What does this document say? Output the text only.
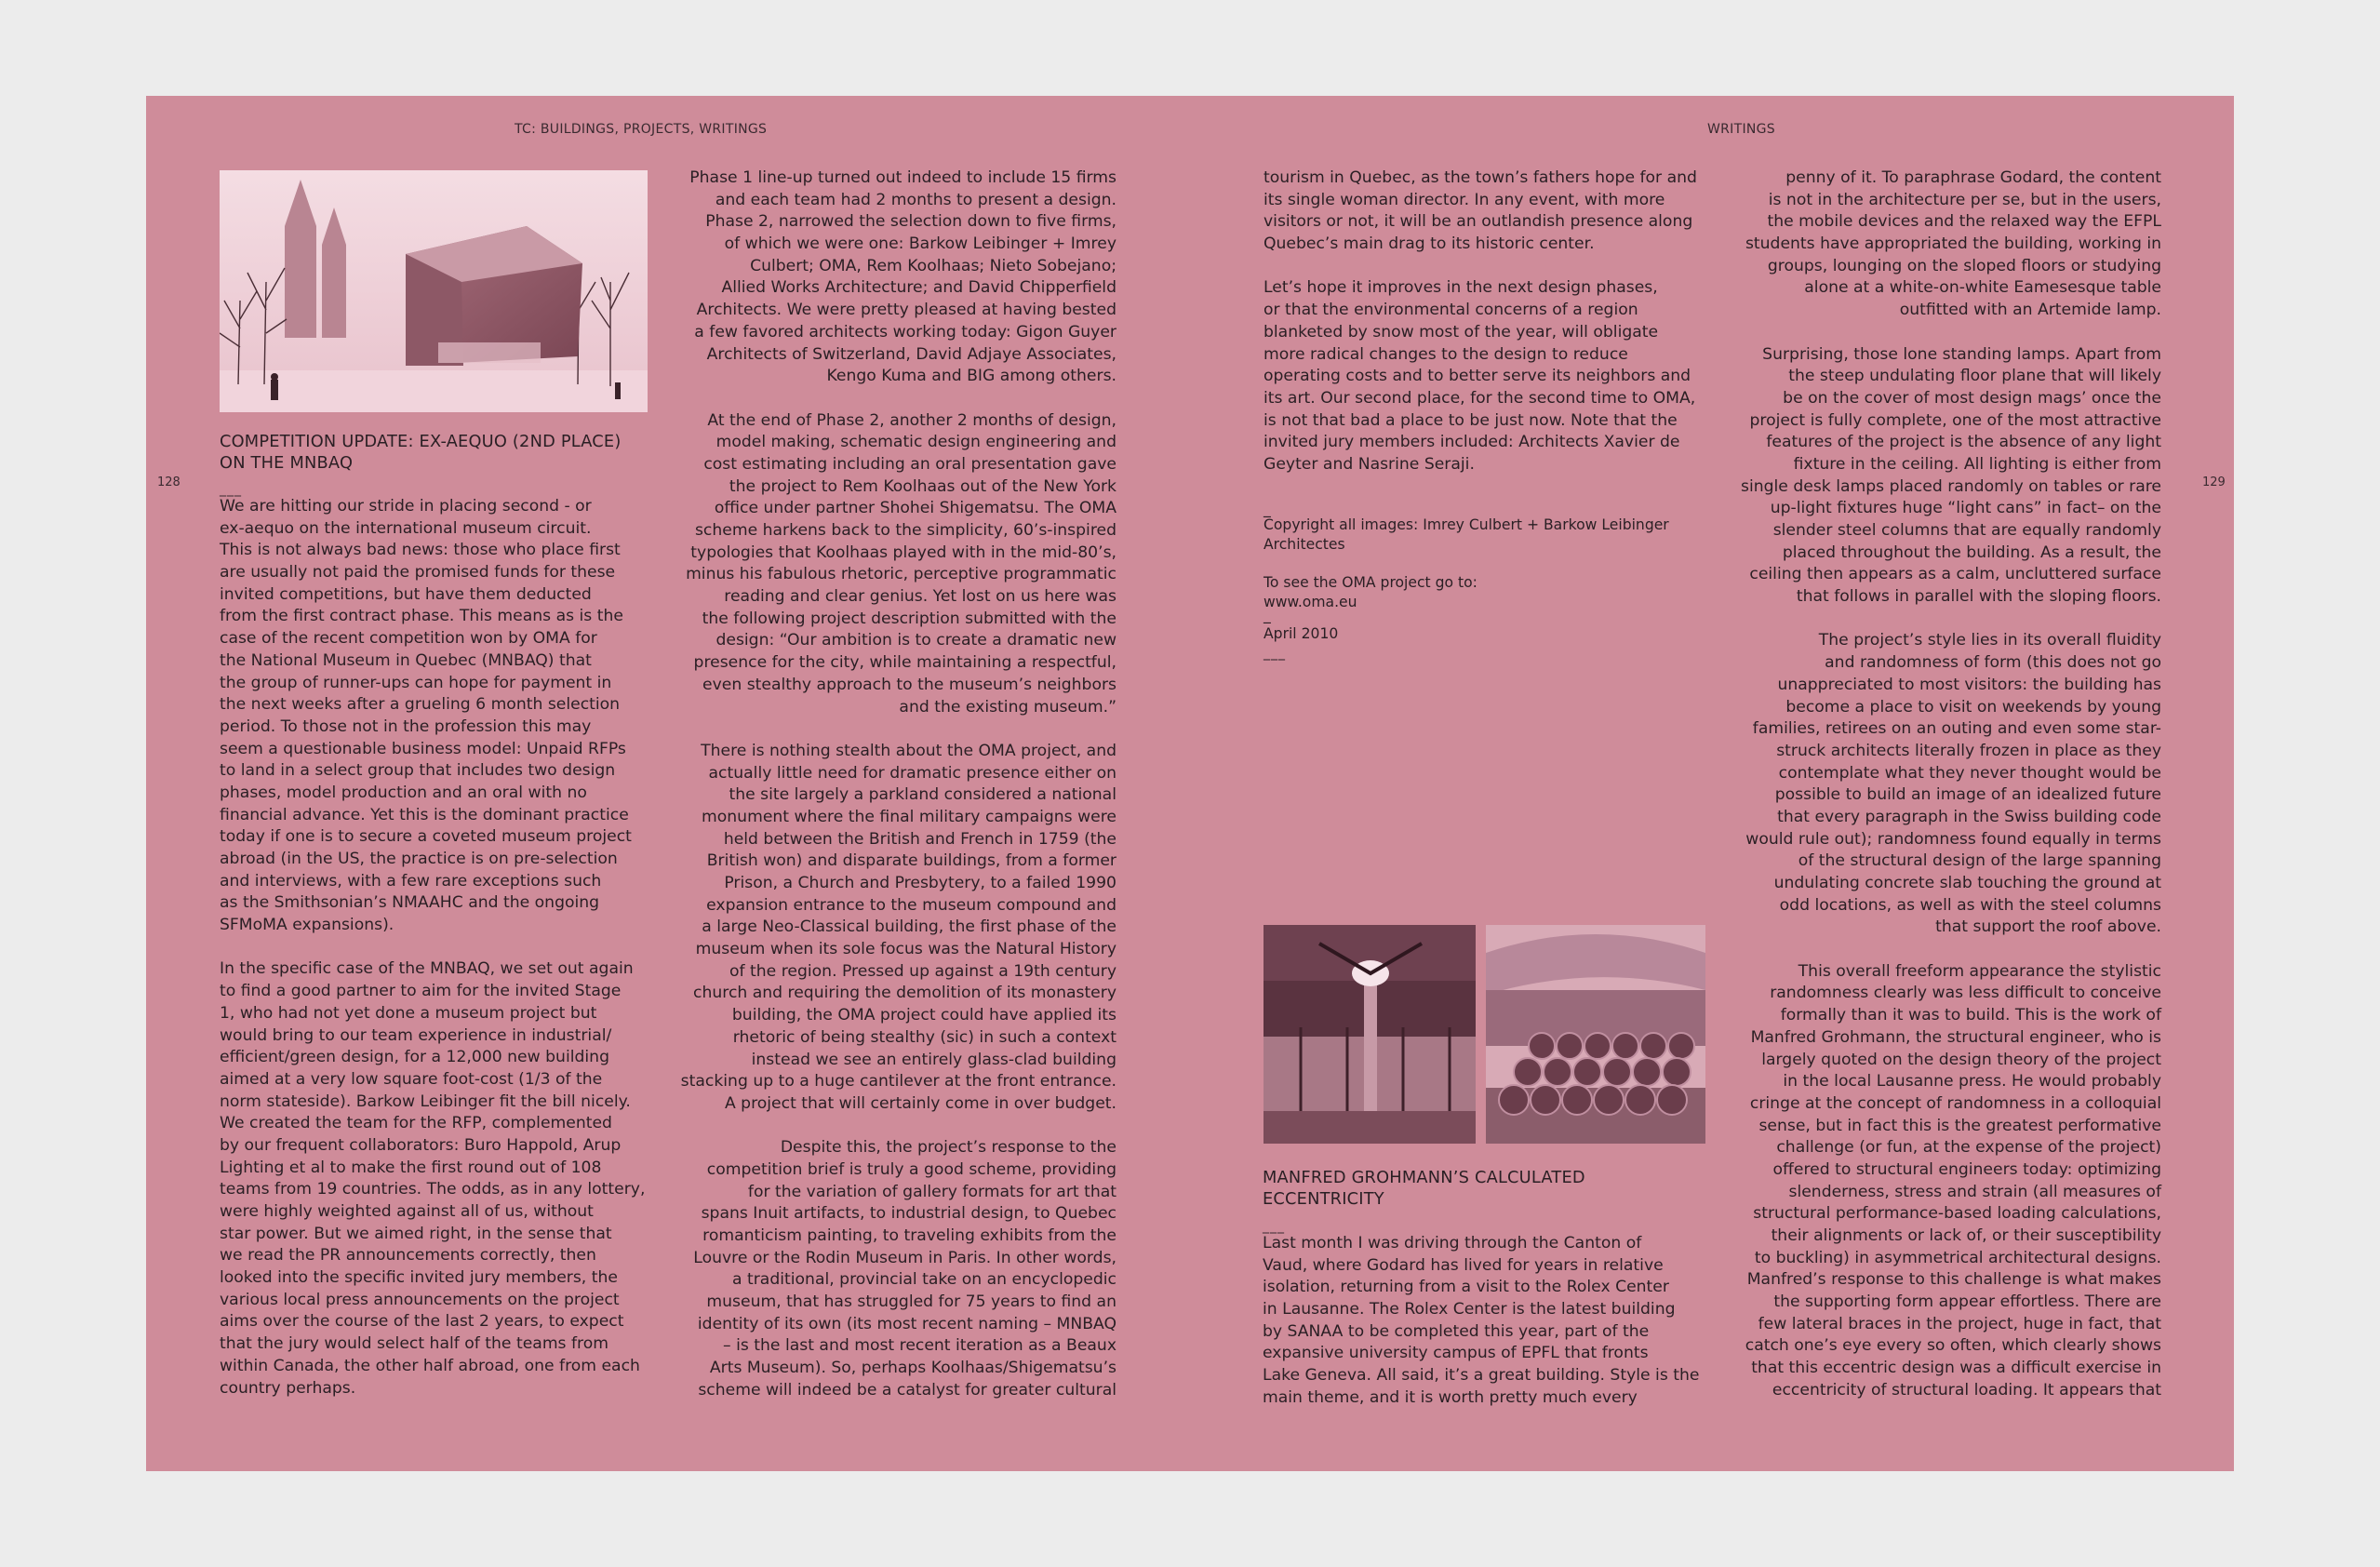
TC: BUILDINGS, PROJECTS, WRITINGS	WRITINGS
128	129
COMPETITION UPDATE: EX-AEQUO (2ND PLACE)
ON THE MNBAQ
___
We are hitting our stride in placing second - or
ex-aequo on the international museum circuit.
This is not always bad news: those who place first
are usually not paid the promised funds for these
invited competitions, but have them deducted
from the first contract phase. This means as is the
case of the recent competition won by OMA for
the National Museum in Quebec (MNBAQ) that
the group of runner-ups can hope for payment in
the next weeks after a grueling 6 month selection
period. To those not in the profession this may
seem a questionable business model: Unpaid RFPs
to land in a select group that includes two design
phases, model production and an oral with no
financial advance. Yet this is the dominant practice
today if one is to secure a coveted museum project
abroad (in the US, the practice is on pre-selection
and interviews, with a few rare exceptions such
as the Smithsonian’s NMAAHC and the ongoing
SFMoMA expansions).

In the specific case of the MNBAQ, we set out again
to find a good partner to aim for the invited Stage
1, who had not yet done a museum project but
would bring to our team experience in industrial/
efficient/green design, for a 12,000 new building
aimed at a very low square foot-cost (1/3 of the
norm stateside). Barkow Leibinger fit the bill nicely.
We created the team for the RFP, complemented
by our frequent collaborators: Buro Happold, Arup
Lighting et al to make the first round out of 108
teams from 19 countries. The odds, as in any lottery,
were highly weighted against all of us, without
star power. But we aimed right, in the sense that
we read the PR announcements correctly, then
looked into the specific invited jury members, the
various local press announcements on the project
aims over the course of the last 2 years, to expect
that the jury would select half of the teams from
within Canada, the other half abroad, one from each
country perhaps.
Phase 1 line-up turned out indeed to include 15 firms
and each team had 2 months to present a design.
Phase 2, narrowed the selection down to five firms,
of which we were one: Barkow Leibinger + Imrey
Culbert; OMA, Rem Koolhaas; Nieto Sobejano;
Allied Works Architecture; and David Chipperfield
Architects. We were pretty pleased at having bested
a few favored architects working today: Gigon Guyer
Architects of Switzerland, David Adjaye Associates,
Kengo Kuma and BIG among others.

At the end of Phase 2, another 2 months of design,
model making, schematic design engineering and
cost estimating including an oral presentation gave
the project to Rem Koolhaas out of the New York
office under partner Shohei Shigematsu. The OMA
scheme harkens back to the simplicity, 60’s-inspired
typologies that Koolhaas played with in the mid-80’s,
minus his fabulous rhetoric, perceptive programmatic
reading and clear genius. Yet lost on us here was
the following project description submitted with the
design: “Our ambition is to create a dramatic new
presence for the city, while maintaining a respectful,
even stealthy approach to the museum’s neighbors
and the existing museum.”

There is nothing stealth about the OMA project, and
actually little need for dramatic presence either on
the site largely a parkland considered a national
monument where the final military campaigns were
held between the British and French in 1759 (the
British won) and disparate buildings, from a former
Prison, a Church and Presbytery, to a failed 1990
expansion entrance to the museum compound and
a large Neo-Classical building, the first phase of the
museum when its sole focus was the Natural History
of the region. Pressed up against a 19th century
church and requiring the demolition of its monastery
building, the OMA project could have applied its
rhetoric of being stealthy (sic) in such a context
instead we see an entirely glass-clad building
stacking up to a huge cantilever at the front entrance.
A project that will certainly come in over budget.

Despite this, the project’s response to the
competition brief is truly a good scheme, providing
for the variation of gallery formats for art that
spans Inuit artifacts, to industrial design, to Quebec
romanticism painting, to traveling exhibits from the
Louvre or the Rodin Museum in Paris. In other words,
a traditional, provincial take on an encyclopedic
museum, that has struggled for 75 years to find an
identity of its own (its most recent naming – MNBAQ
– is the last and most recent iteration as a Beaux
Arts Museum). So, perhaps Koolhaas/Shigematsu’s
scheme will indeed be a catalyst for greater cultural
tourism in Quebec, as the town’s fathers hope for and
its single woman director. In any event, with more
visitors or not, it will be an outlandish presence along
Quebec’s main drag to its historic center.

Let’s hope it improves in the next design phases,
or that the environmental concerns of a region
blanketed by snow most of the year, will obligate
more radical changes to the design to reduce
operating costs and to better serve its neighbors and
its art. Our second place, for the second time to OMA,
is not that bad a place to be just now. Note that the
invited jury members included: Architects Xavier de
Geyter and Nasrine Seraji.
_
Copyright all images: Imrey Culbert + Barkow Leibinger
Architectes
To see the OMA project go to:
www.oma.eu
_
April 2010
___
MANFRED GROHMANN’S CALCULATED
ECCENTRICITY
___
Last month I was driving through the Canton of
Vaud, where Godard has lived for years in relative
isolation, returning from a visit to the Rolex Center
in Lausanne. The Rolex Center is the latest building
by SANAA to be completed this year, part of the
expansive university campus of EPFL that fronts
Lake Geneva. All said, it’s a great building. Style is the
main theme, and it is worth pretty much every
penny of it. To paraphrase Godard, the content
is not in the architecture per se, but in the users,
the mobile devices and the relaxed way the EFPL
students have appropriated the building, working in
groups, lounging on the sloped floors or studying
alone at a white-on-white Eamesesque table
outfitted with an Artemide lamp.

Surprising, those lone standing lamps. Apart from
the steep undulating floor plane that will likely
be on the cover of most design mags’ once the
project is fully complete, one of the most attractive
features of the project is the absence of any light
fixture in the ceiling. All lighting is either from
single desk lamps placed randomly on tables or rare
up-light fixtures huge “light cans” in fact– on the
slender steel columns that are equally randomly
placed throughout the building. As a result, the
ceiling then appears as a calm, uncluttered surface
that follows in parallel with the sloping floors.

The project’s style lies in its overall fluidity
and randomness of form (this does not go
unappreciated to most visitors: the building has
become a place to visit on weekends by young
families, retirees on an outing and even some star-
struck architects literally frozen in place as they
contemplate what they never thought would be
possible to build an image of an idealized future
that every paragraph in the Swiss building code
would rule out); randomness found equally in terms
of the structural design of the large spanning
undulating concrete slab touching the ground at
odd locations, as well as with the steel columns
that support the roof above.

This overall freeform appearance the stylistic
randomness clearly was less difficult to conceive
formally than it was to build. This is the work of
Manfred Grohmann, the structural engineer, who is
largely quoted on the design theory of the project
in the local Lausanne press. He would probably
cringe at the concept of randomness in a colloquial
sense, but in fact this is the greatest performative
challenge (or fun, at the expense of the project)
offered to structural engineers today: optimizing
slenderness, stress and strain (all measures of
structural performance-based loading calculations,
their alignments or lack of, or their susceptibility
to buckling) in asymmetrical architectural designs.
Manfred’s response to this challenge is what makes
the supporting form appear effortless. There are
few lateral braces in the project, huge in fact, that
catch one’s eye every so often, which clearly shows
that this eccentric design was a difficult exercise in
eccentricity of structural loading. It appears that
